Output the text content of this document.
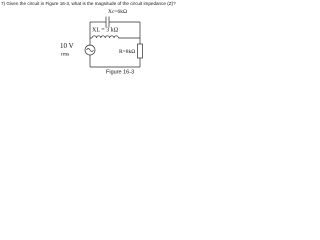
7) Given the circuit in Figure 16-3, what is the magnitude of the circuit impedance (Z)?
Xc=6kΩ
XL = 3 kΩ
10 V
rms	R=8kΩ
Figure 16-3
